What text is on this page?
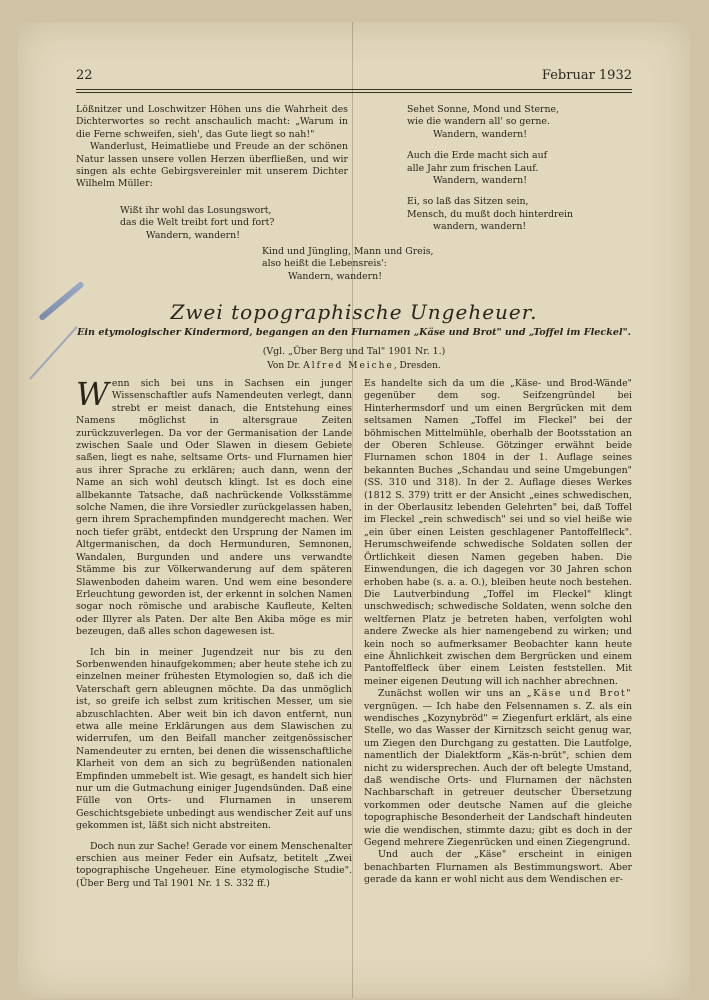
22	Februar 1932

Lößnitzer und Loschwitzer Höhen uns die Wahrheit des Dichterwortes so recht anschaulich macht: „Warum in die Ferne schweifen, sieh', das Gute liegt so nah!"

Wanderlust, Heimatliebe und Freude an der schönen Natur lassen unsere vollen Herzen überfließen, und wir singen als echte Gebirgsvereinler mit unserem Dichter Wilhelm Müller:

Wißt ihr wohl das Losungswort,
das die Welt treibt fort und fort?
Wandern, wandern!
Sehet Sonne, Mond und Sterne,
wie die wandern all' so gerne.
Wandern, wandern!
Auch die Erde macht sich auf
alle Jahr zum frischen Lauf.
Wandern, wandern!
Ei, so laß das Sitzen sein,
Mensch, du mußt doch hinterdrein
wandern, wandern!
Kind und Jüngling, Mann und Greis,
also heißt die Lebensreis':
Wandern, wandern!
Zwei topographische Ungeheuer.
Ein etymologischer Kindermord, begangen an den Flurnamen „Käse und Brot" und „Toffel im Fleckel".
(Vgl. „Über Berg und Tal" 1901 Nr. 1.)
Von Dr. Alfred Meiche, Dresden.

Wenn sich bei uns in Sachsen ein junger Wissenschaftler aufs Namendeuten verlegt, dann strebt er meist danach, die Entstehung eines Namens möglichst in altersgraue Zeiten zurückzuverlegen. Da vor der Germanisation der Lande zwischen Saale und Oder Slawen in diesem Gebiete saßen, liegt es nahe, seltsame Orts- und Flurnamen hier aus ihrer Sprache zu erklären; auch dann, wenn der Name an sich wohl deutsch klingt. Ist es doch eine allbekannte Tatsache, daß nachrückende Volksstämme solche Namen, die ihre Vorsiedler zurückgelassen haben, gern ihrem Sprachempfinden mundgerecht machen. Wer noch tiefer gräbt, entdeckt den Ursprung der Namen im Altgermanischen, da doch Hermunduren, Semnonen, Wandalen, Burgunden und andere uns verwandte Stämme bis zur Völkerwanderung auf dem späteren Slawenboden daheim waren. Und wem eine besondere Erleuchtung geworden ist, der erkennt in solchen Namen sogar noch römische und arabische Kaufleute, Kelten oder Illyrer als Paten. Der alte Ben Akiba möge es mir bezeugen, daß alles schon dagewesen ist.

Ich bin in meiner Jugendzeit nur bis zu den Sorbenwenden hinaufgekommen; aber heute stehe ich zu einzelnen meiner frühesten Etymologien so, daß ich die Vaterschaft gern ableugnen möchte. Da das unmöglich ist, so greife ich selbst zum kritischen Messer, um sie abzuschlachten. Aber weit bin ich davon entfernt, nun etwa alle meine Erklärungen aus dem Slawischen zu widerrufen, um den Beifall mancher zeitgenössischer Namendeuter zu ernten, bei denen die wissenschaftliche Klarheit von dem an sich zu begrüßenden nationalen Empfinden ummebelt ist. Wie gesagt, es handelt sich hier nur um die Gutmachung einiger Jugendsünden. Daß eine Fülle von Orts- und Flurnamen in unserem Geschichtsgebiete unbedingt aus wendischer Zeit auf uns gekommen ist, läßt sich nicht abstreiten.

Doch nun zur Sache! Gerade vor einem Menschenalter erschien aus meiner Feder ein Aufsatz, betitelt „Zwei topographische Ungeheuer. Eine etymologische Studie". (Über Berg und Tal 1901 Nr. 1 S. 332 ff.)

Es handelte sich da um die „Käse- und Brod-Wände" gegenüber dem sog. Seifzengründel bei Hinterhermsdorf und um einen Bergrücken mit dem seltsamen Namen „Toffel im Fleckel" bei der böhmischen Mittelmühle, oberhalb der Bootsstation an der Oberen Schleuse. Götzinger erwähnt beide Flurnamen schon 1804 in der 1. Auflage seines bekannten Buches „Schandau und seine Umgebungen" (SS. 310 und 318). In der 2. Auflage dieses Werkes (1812 S. 379) tritt er der Ansicht „eines schwedischen, in der Oberlausitz lebenden Gelehrten" bei, daß Toffel im Fleckel „rein schwedisch" sei und so viel heiße wie „ein über einen Leisten geschlagener Pantoffelfleck". Herumschweifende schwedische Soldaten sollen der Örtlichkeit diesen Namen gegeben haben. Die Einwendungen, die ich dagegen vor 30 Jahren schon erhoben habe (s. a. a. O.), bleiben heute noch bestehen. Die Lautverbindung „Toffel im Fleckel" klingt unschwedisch; schwedische Soldaten, wenn solche den weltfernen Platz je betreten haben, verfolgten wohl andere Zwecke als hier namengebend zu wirken; und kein noch so aufmerksamer Beobachter kann heute eine Ähnlichkeit zwischen dem Bergrücken und einem Pantoffelfleck über einem Leisten feststellen. Mit meiner eigenen Deutung will ich nachher abrechnen.

Zunächst wollen wir uns an „Käse und Brot" vergnügen. — Ich habe den Felsennamen s. Z. als ein wendisches „Kozynybröd" = Ziegenfurt erklärt, als eine Stelle, wo das Wasser der Kirnitzsch seicht genug war, um Ziegen den Durchgang zu gestatten. Die Lautfolge, namentlich der Dialektform „Käs-n-brüt", schien dem nicht zu widersprechen. Auch der oft belegte Umstand, daß wendische Orts- und Flurnamen der nächsten Nachbarschaft in getreuer deutscher Übersetzung vorkommen oder deutsche Namen auf die gleiche topographische Besonderheit der Landschaft hindeuten wie die wendischen, stimmte dazu; gibt es doch in der Gegend mehrere Ziegenrücken und einen Ziegengrund.

Und auch der „Käse" erscheint in einigen benachbarten Flurnamen als Bestimmungswort. Aber gerade da kann er wohl nicht aus dem Wendischen er-
